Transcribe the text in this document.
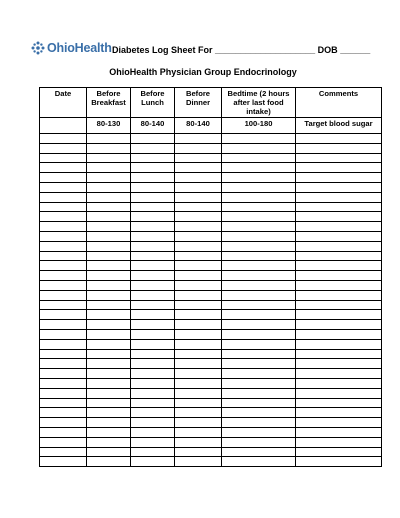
OhioHealth Diabetes Log Sheet For ____________________ DOB ______
OhioHealth Physician Group Endocrinology
Date	Before Breakfast	Before Lunch	Before Dinner	Bedtime (2 hours after last food intake)	Comments
	80-130	80-140	80-140	100-180	Target blood sugar
